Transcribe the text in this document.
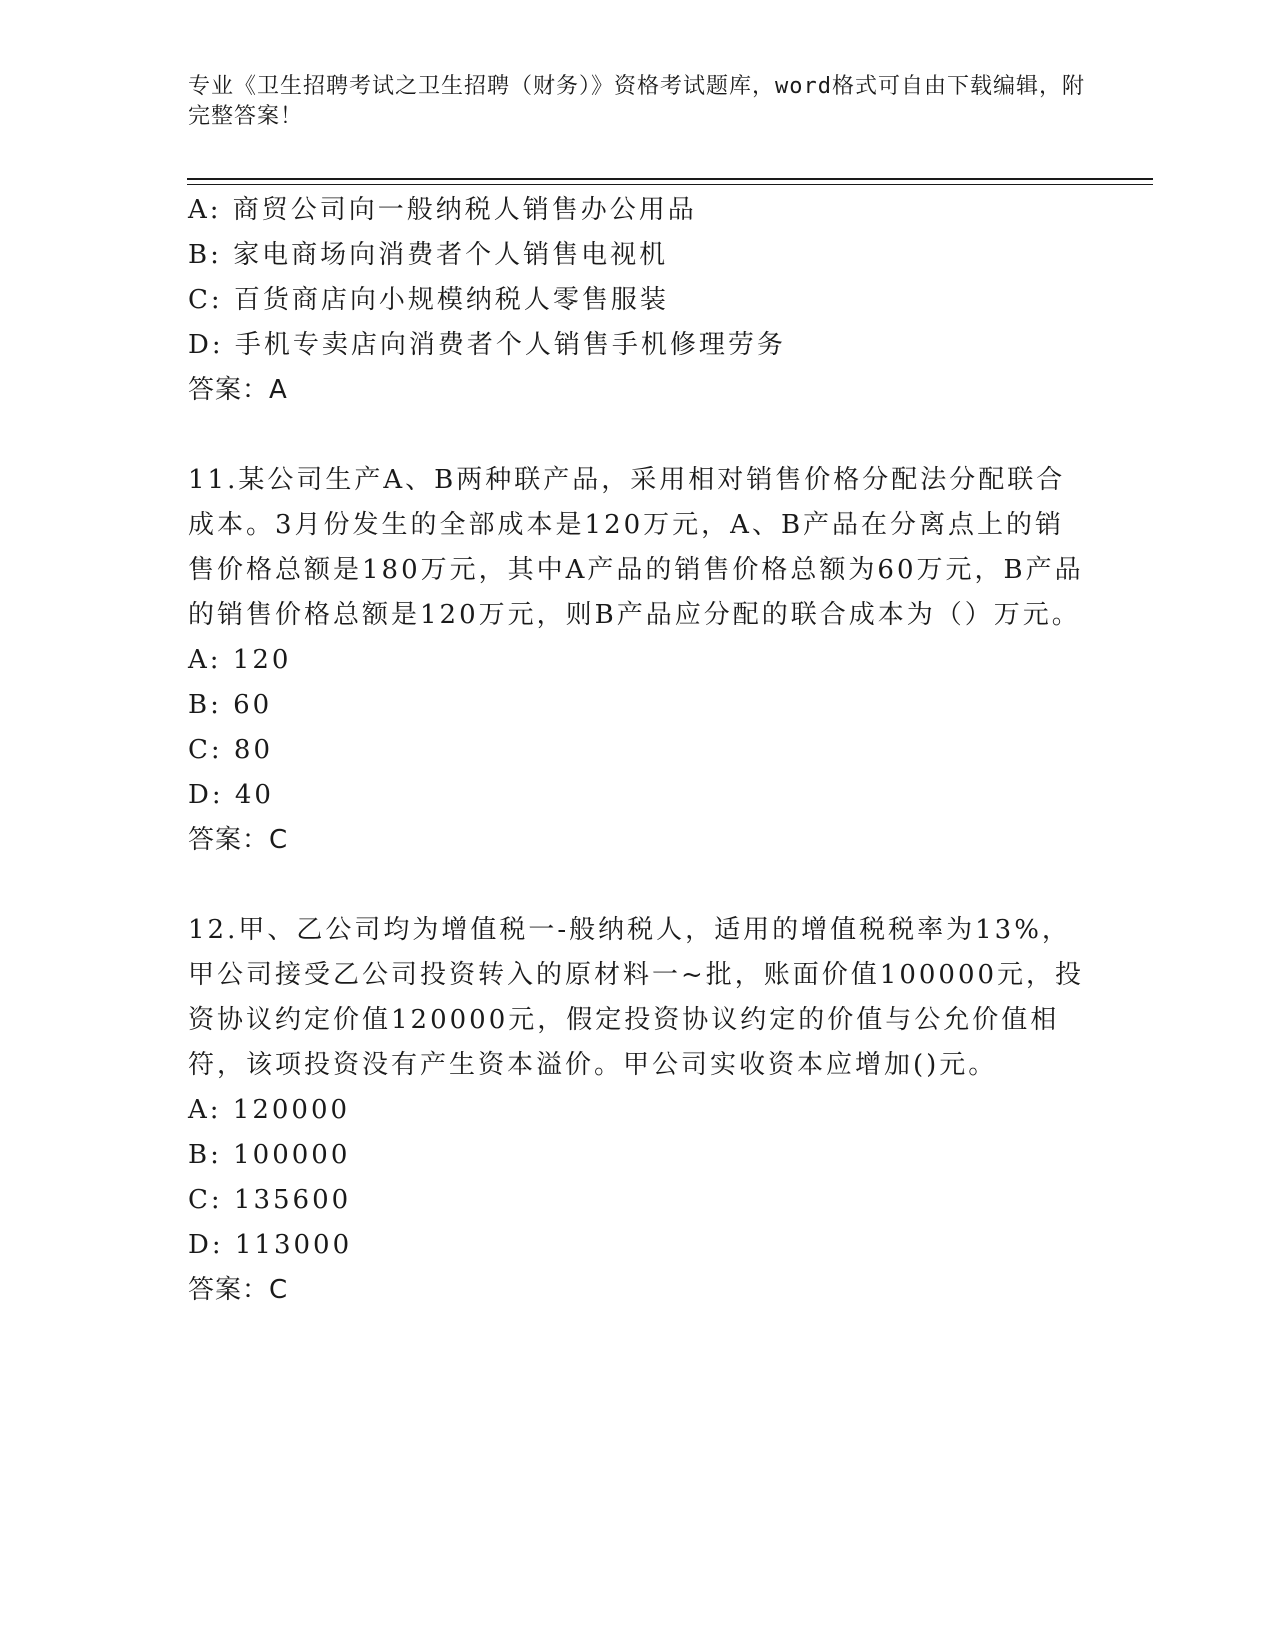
专业《卫生招聘考试之卫生招聘（财务）》资格考试题库，word格式可自由下载编辑，附完整答案！

A: 商贸公司向一般纳税人销售办公用品

B: 家电商场向消费者个人销售电视机

C: 百货商店向小规模纳税人零售服装

D: 手机专卖店向消费者个人销售手机修理劳务

答案：A

11.某公司生产A、B两种联产品，采用相对销售价格分配法分配联合成本。3月份发生的全部成本是120万元，A、B产品在分离点上的销售价格总额是180万元，其中A产品的销售价格总额为60万元，B产品的销售价格总额是120万元，则B产品应分配的联合成本为（）万元。

A: 120

B: 60

C: 80

D: 40

答案：C

12.甲、乙公司均为增值税一-般纳税人，适用的增值税税率为13%，甲公司接受乙公司投资转入的原材料一~批，账面价值100000元，投资协议约定价值120000元，假定投资协议约定的价值与公允价值相符，该项投资没有产生资本溢价。甲公司实收资本应增加()元。

A: 120000

B: 100000

C: 135600

D: 113000

答案：C
